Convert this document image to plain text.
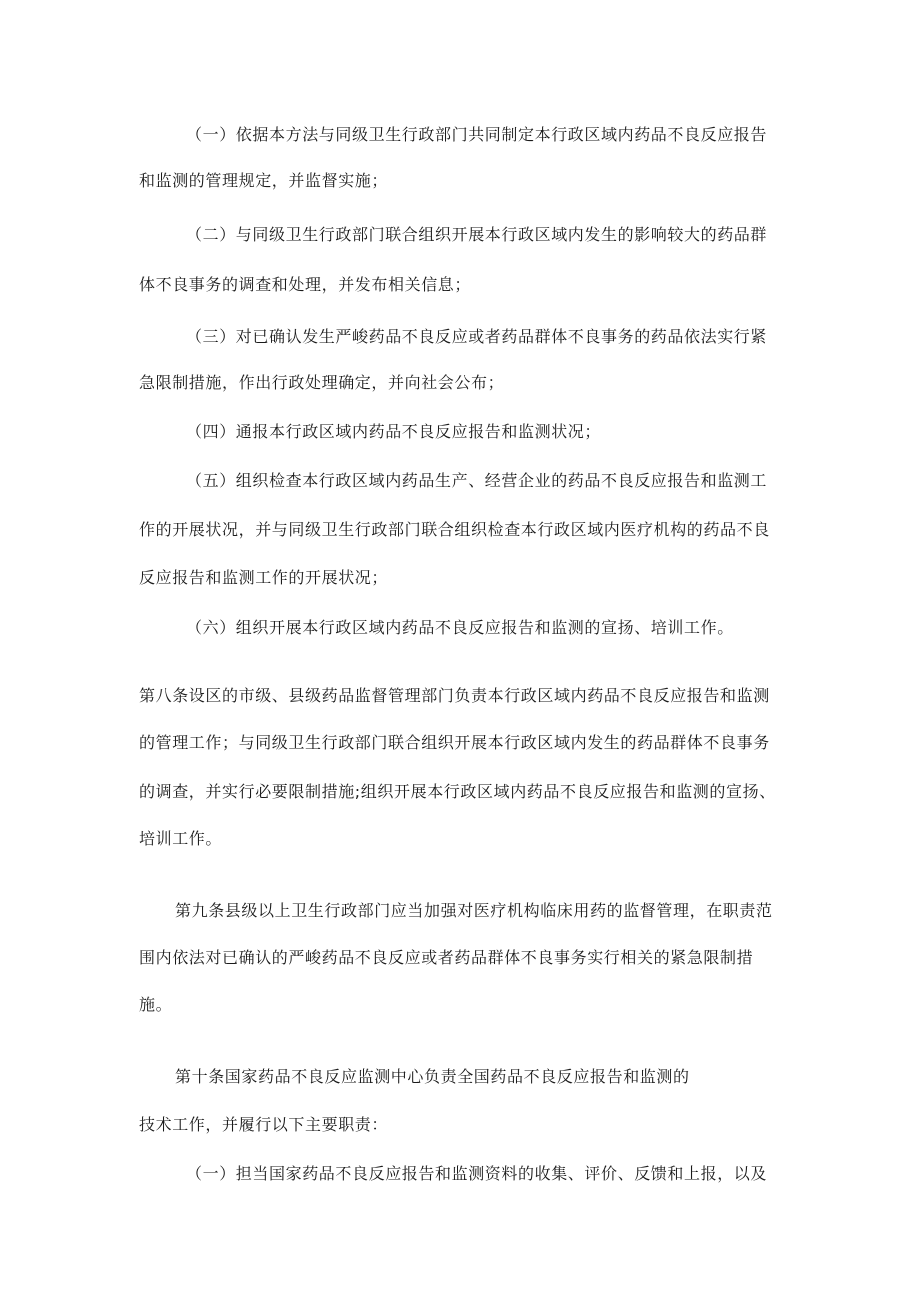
（一）依据本方法与同级卫生行政部门共同制定本行政区域内药品不良反应报告
和监测的管理规定，并监督实施；
（二）与同级卫生行政部门联合组织开展本行政区域内发生的影响较大的药品群
体不良事务的调查和处理，并发布相关信息；
（三）对已确认发生严峻药品不良反应或者药品群体不良事务的药品依法实行紧
急限制措施，作出行政处理确定，并向社会公布；
（四）通报本行政区域内药品不良反应报告和监测状况；
（五）组织检查本行政区域内药品生产、经营企业的药品不良反应报告和监测工
作的开展状况，并与同级卫生行政部门联合组织检查本行政区域内医疗机构的药品不良
反应报告和监测工作的开展状况；
（六）组织开展本行政区域内药品不良反应报告和监测的宣扬、培训工作。
第八条设区的市级、县级药品监督管理部门负责本行政区域内药品不良反应报告和监测
的管理工作；与同级卫生行政部门联合组织开展本行政区域内发生的药品群体不良事务
的调查，并实行必要限制措施;组织开展本行政区域内药品不良反应报告和监测的宣扬、
培训工作。
第九条县级以上卫生行政部门应当加强对医疗机构临床用药的监督管理，在职责范
围内依法对已确认的严峻药品不良反应或者药品群体不良事务实行相关的紧急限制措
施。
第十条国家药品不良反应监测中心负责全国药品不良反应报告和监测的
技术工作，并履行以下主要职责：
（一）担当国家药品不良反应报告和监测资料的收集、评价、反馈和上报，以及
